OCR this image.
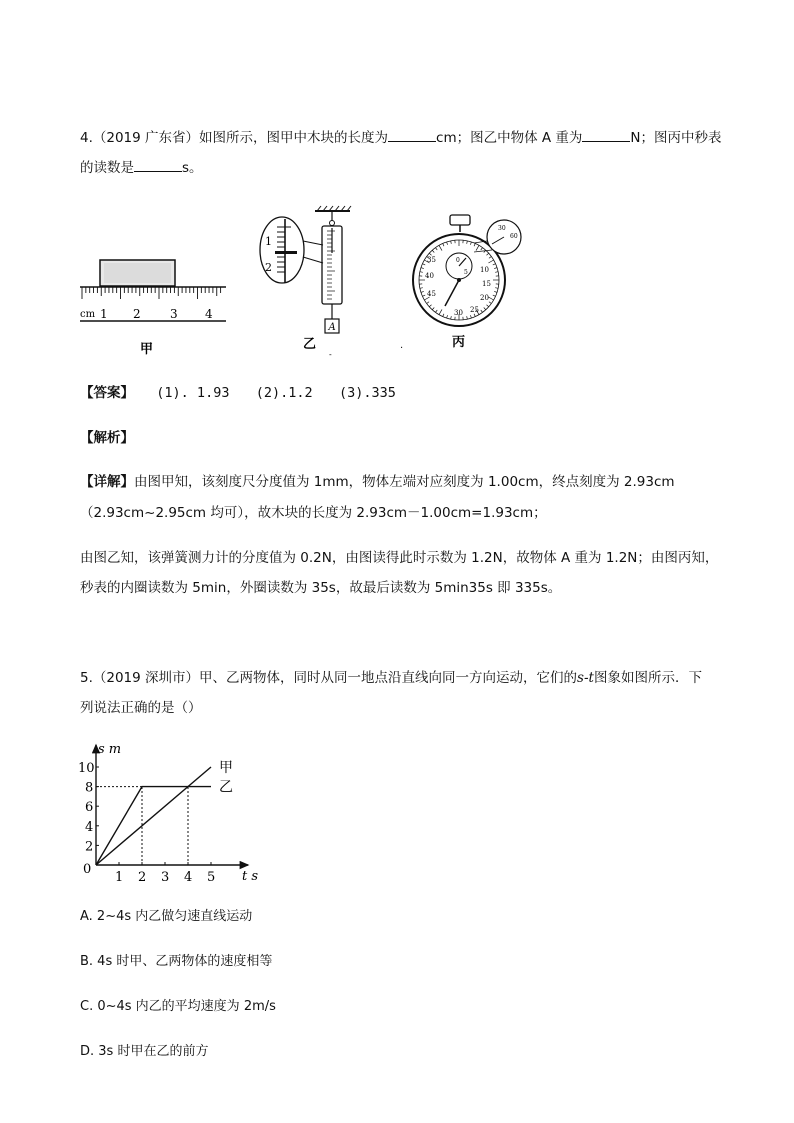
4.（2019 广东省）如图所示，图甲中木块的长度为	cm；图乙中物体 A 重为	N；图丙中秒表
的读数是	s。
cm 1 2 3 4
甲
A
1
2
乙
-
35
40
45
10
15
20
25
30
0
5
30
60
丙
.
【答案】 (1). 1.93 (2).1.2 (3).335
【解析】
【详解】由图甲知，该刻度尺分度值为 1mm，物体左端对应刻度为 1.00cm，终点刻度为 2.93cm
（2.93cm~2.95cm 均可），故木块的长度为 2.93cm－1.00cm=1.93cm；
由图乙知，该弹簧测力计的分度值为 0.2N，由图读得此时示数为 1.2N，故物体 A 重为 1.2N；由图丙知，
秒表的内圈读数为 5min，外圈读数为 35s，故最后读数为 5min35s 即 335s。
5.（2019 深圳市）甲、乙两物体，同时从同一地点沿直线向同一方向运动，它们的s-t图象如图所示．下
列说法正确的是（）
s m
t s
0
1 2 3 4 5
2
4
6
8
10	甲
乙
A. 2~4s 内乙做匀速直线运动
B. 4s 时甲、乙两物体的速度相等
C. 0~4s 内乙的平均速度为 2m/s
D. 3s 时甲在乙的前方
